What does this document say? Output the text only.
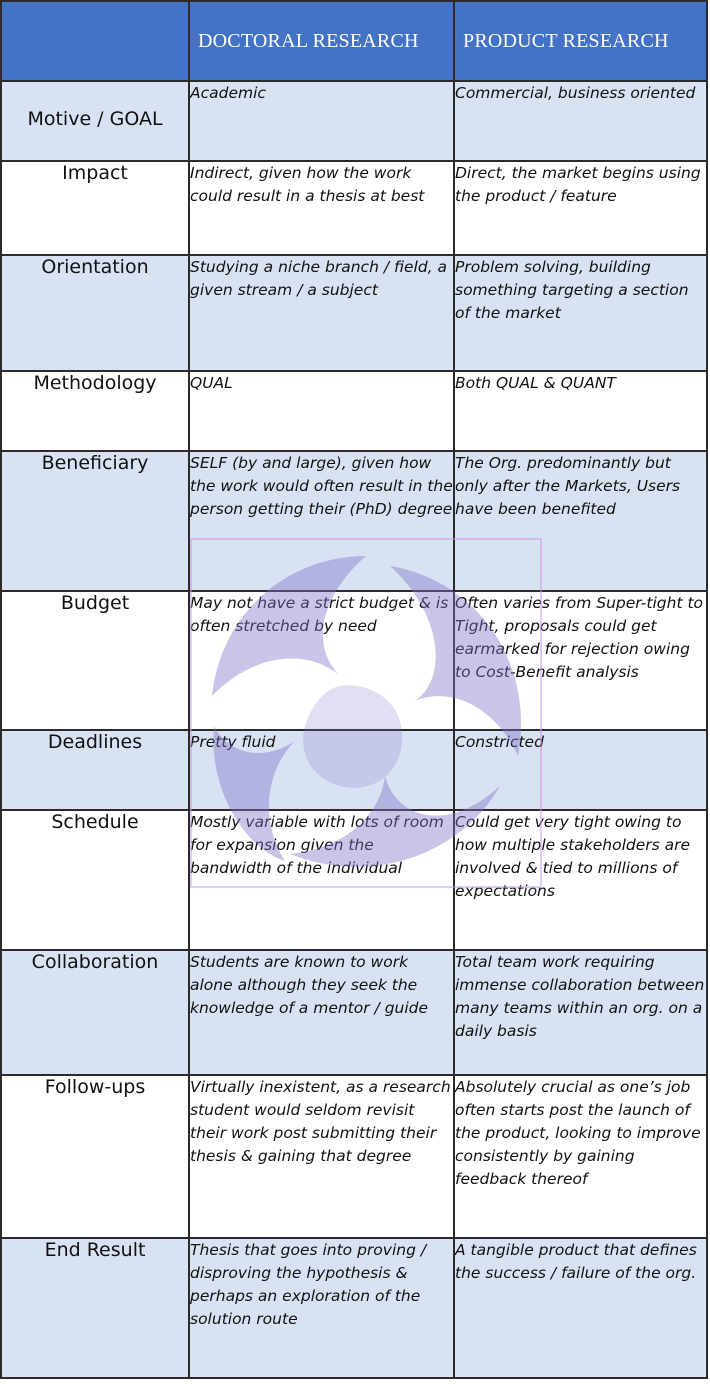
	DOCTORAL RESEARCH	PRODUCT RESEARCH
Motive / GOAL	Academic	Commercial, business oriented
Impact	Indirect, given how the work could result in a thesis at best	Direct, the market begins using the product / feature
Orientation	Studying a niche branch / field, a given stream / a subject	Problem solving, building something targeting a section of the market
Methodology	QUAL	Both QUAL & QUANT
Beneficiary	SELF (by and large), given how the work would often result in the person getting their (PhD) degree	The Org. predominantly but only after the Markets, Users have been benefited
Budget	May not have a strict budget & is often stretched by need	Often varies from Super-tight to Tight, proposals could get earmarked for rejection owing to Cost-Benefit analysis
Deadlines	Pretty fluid	Constricted
Schedule	Mostly variable with lots of room for expansion given the bandwidth of the individual	Could get very tight owing to how multiple stakeholders are involved & tied to millions of expectations
Collaboration	Students are known to work alone although they seek the knowledge of a mentor / guide	Total team work requiring immense collaboration between many teams within an org. on a daily basis
Follow-ups	Virtually inexistent, as a research student would seldom revisit their work post submitting their thesis & gaining that degree	Absolutely crucial as one’s job often starts post the launch of the product, looking to improve consistently by gaining feedback thereof
End Result	Thesis that goes into proving / disproving the hypothesis & perhaps an exploration of the solution route	A tangible product that defines the success / failure of the org.
